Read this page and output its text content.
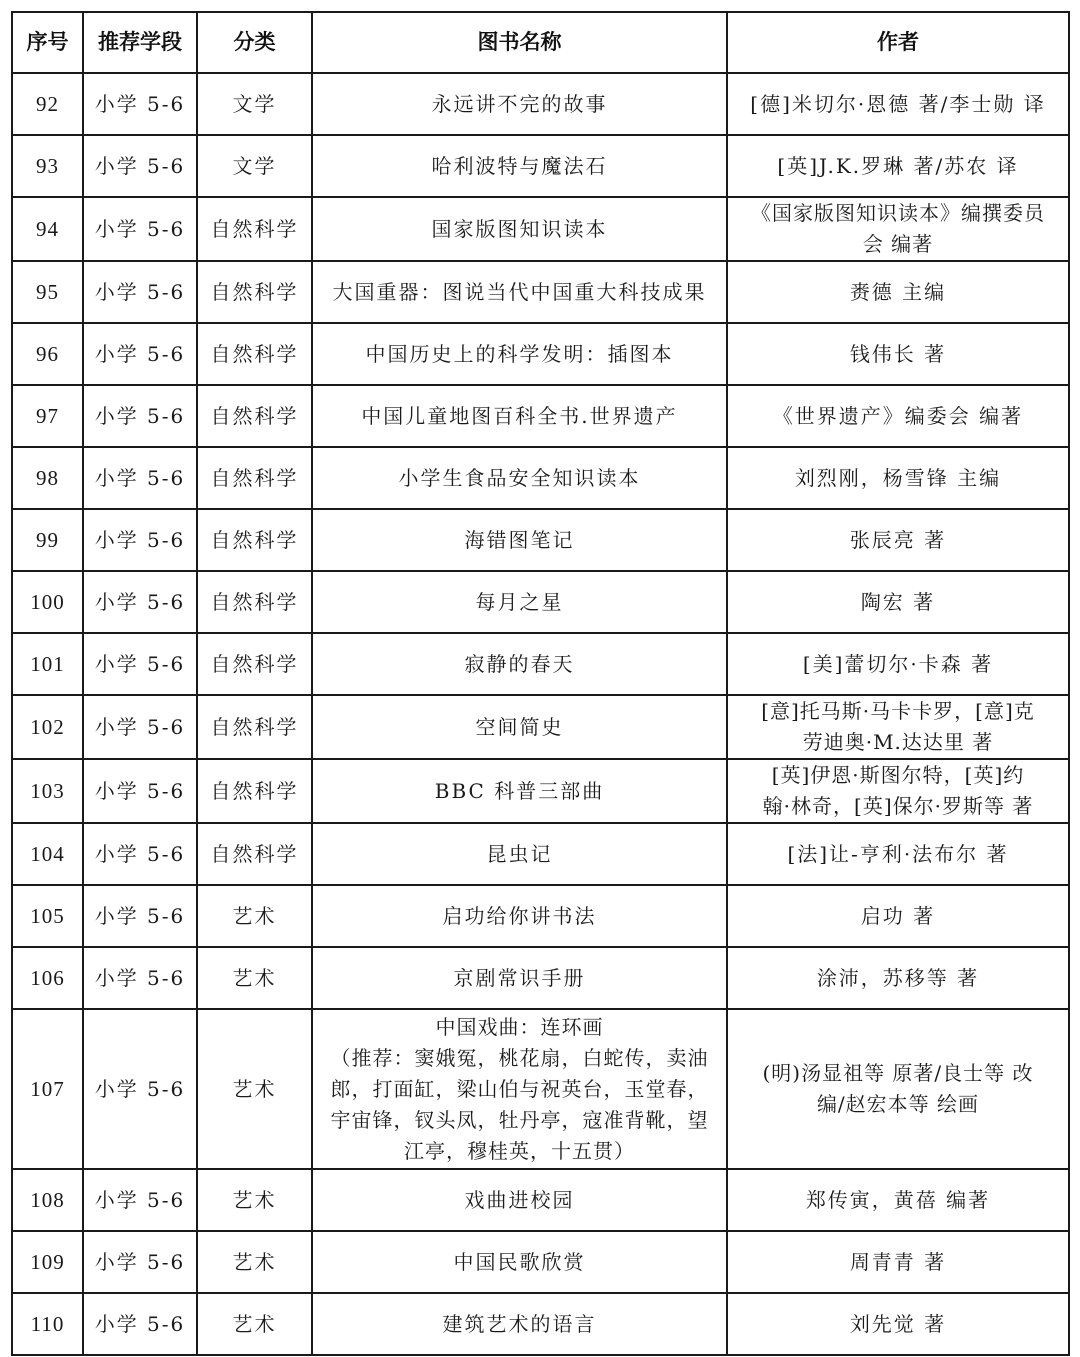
序号	推荐学段	分类	图书名称	作者
92	小学 5-6	文学	永远讲不完的故事	[德]米切尔·恩德 著/李士勋 译

93	小学 5-6	文学	哈利波特与魔法石	[英]J.K.罗琳 著/苏农 译

94	小学 5-6	自然科学	国家版图知识读本	《国家版图知识读本》编撰委员
会 编著

95	小学 5-6	自然科学	大国重器：图说当代中国重大科技成果	赉德 主编

96	小学 5-6	自然科学	中国历史上的科学发明：插图本	钱伟长 著

97	小学 5-6	自然科学	中国儿童地图百科全书.世界遗产	《世界遗产》编委会 编著

98	小学 5-6	自然科学	小学生食品安全知识读本	刘烈刚，杨雪锋 主编

99	小学 5-6	自然科学	海错图笔记	张辰亮 著

100	小学 5-6	自然科学	每月之星	陶宏 著

101	小学 5-6	自然科学	寂静的春天	[美]蕾切尔·卡森 著

102	小学 5-6	自然科学	空间简史	[意]托马斯·马卡卡罗，[意]克
劳迪奥·M.达达里 著

103	小学 5-6	自然科学	BBC 科普三部曲	[英]伊恩·斯图尔特，[英]约
翰·林奇，[英]保尔·罗斯等 著

104	小学 5-6	自然科学	昆虫记	[法]让-亨利·法布尔 著

105	小学 5-6	艺术	启功给你讲书法	启功 著

106	小学 5-6	艺术	京剧常识手册	涂沛，苏移等 著

107	小学 5-6	艺术	中国戏曲：连环画
（推荐：窦娥冤，桃花扇，白蛇传，卖油
郎，打面缸，梁山伯与祝英台，玉堂春，
宇宙锋，钗头凤，牡丹亭，寇准背靴，望
江亭，穆桂英，十五贯）	(明)汤显祖等 原著/良士等 改
编/赵宏本等 绘画

108	小学 5-6	艺术	戏曲进校园	郑传寅，黄蓓 编著

109	小学 5-6	艺术	中国民歌欣赏	周青青 著

110	小学 5-6	艺术	建筑艺术的语言	刘先觉 著
